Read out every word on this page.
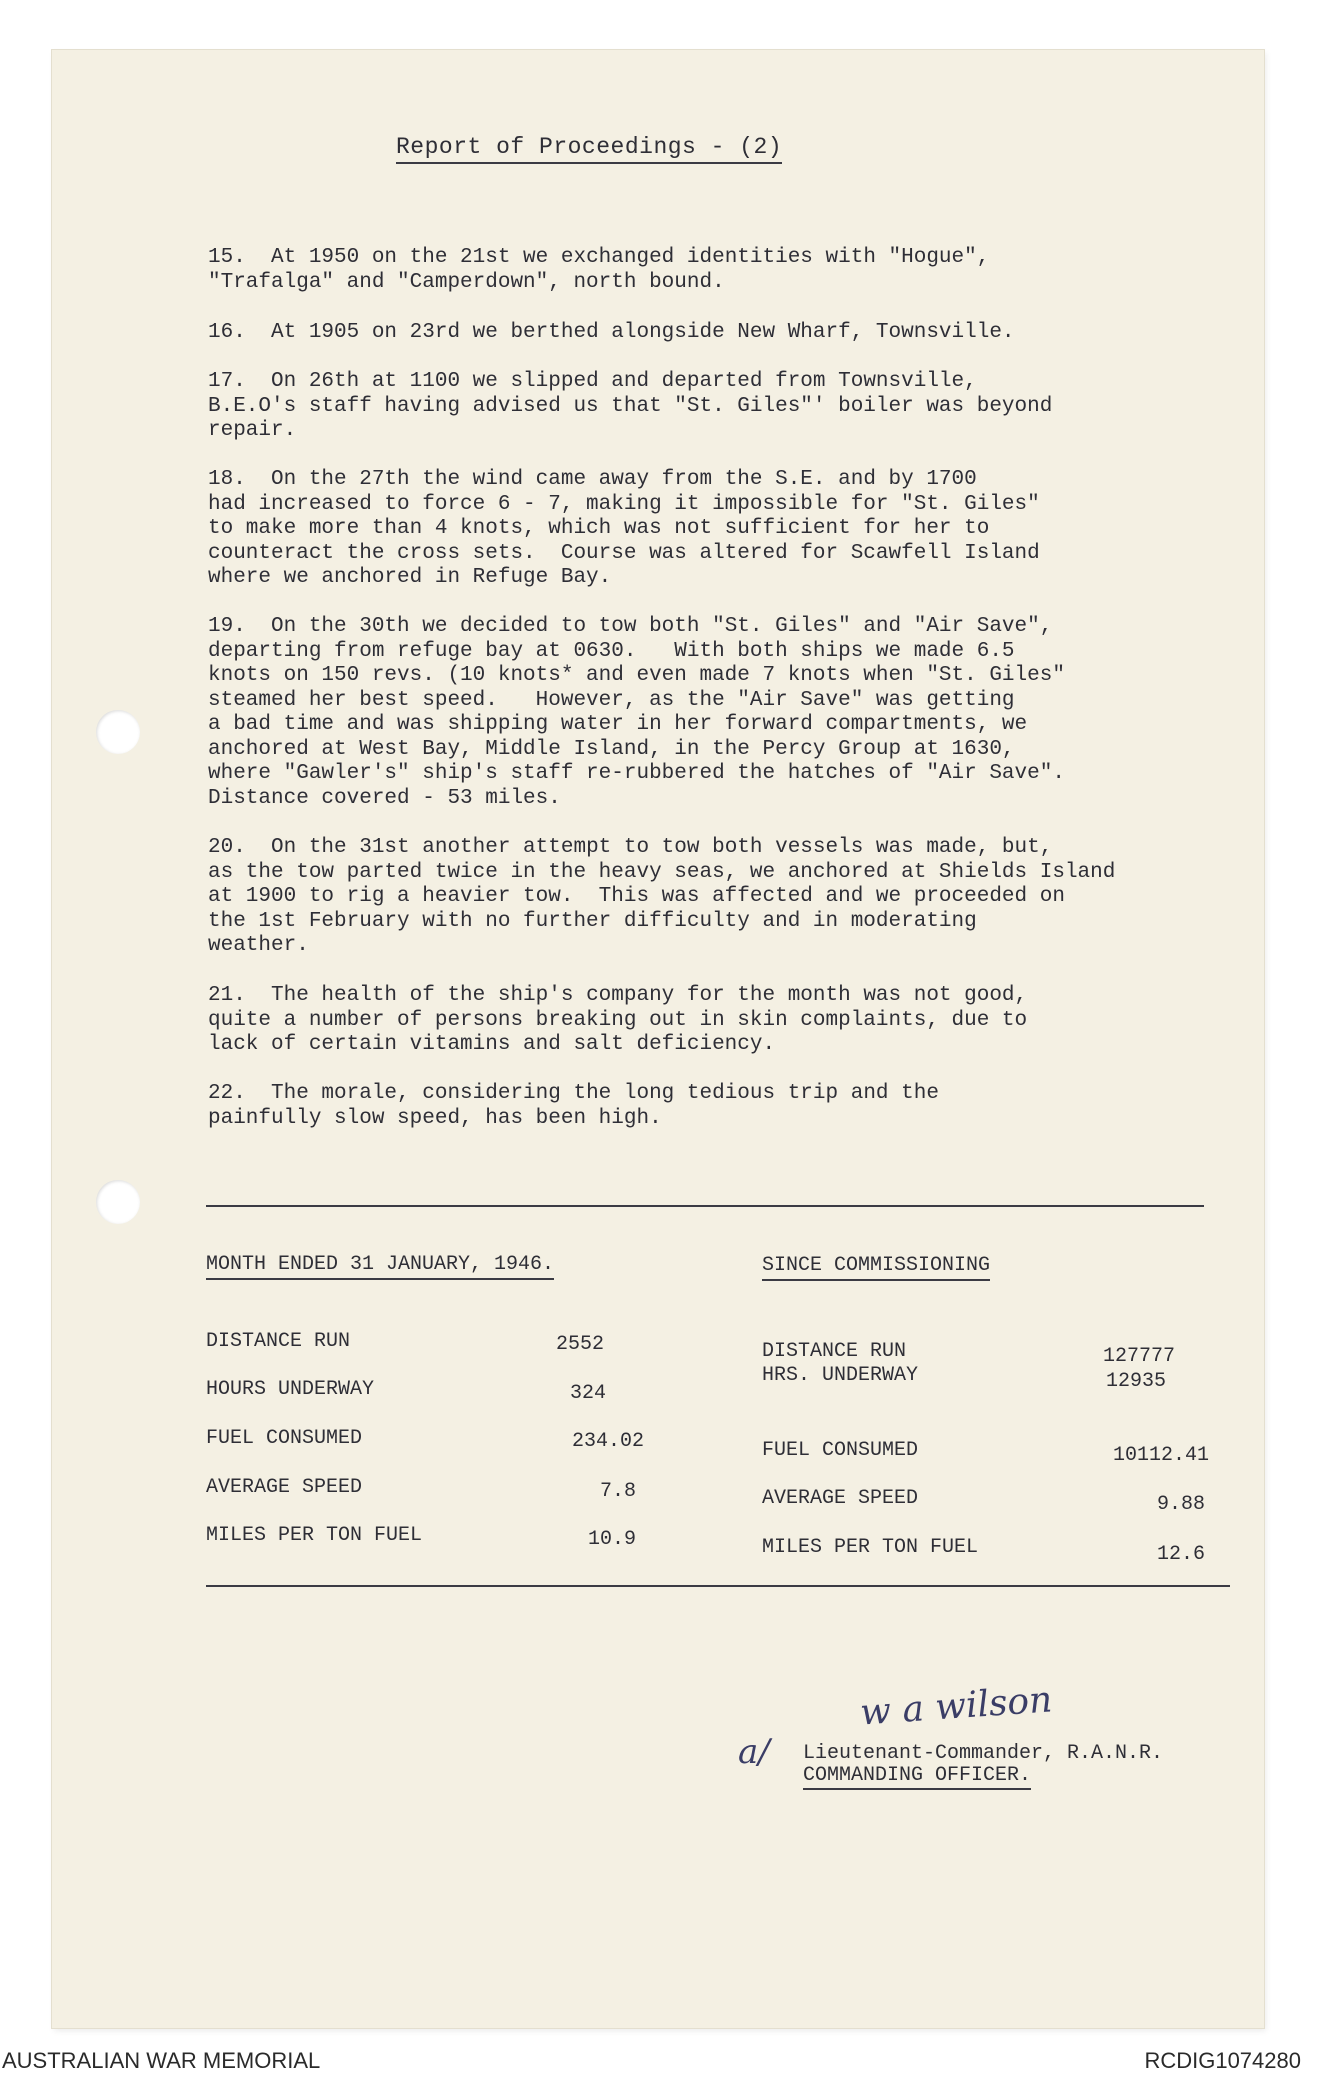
Report of Proceedings - (2)
15.  At 1950 on the 21st we exchanged identities with "Hogue",
"Trafalga" and "Camperdown", north bound.
16.  At 1905 on 23rd we berthed alongside New Wharf, Townsville.
17.  On 26th at 1100 we slipped and departed from Townsville,
B.E.O's staff having advised us that "St. Giles"' boiler was beyond
repair.
18.  On the 27th the wind came away from the S.E. and by 1700
had increased to force 6 - 7, making it impossible for "St. Giles"
to make more than 4 knots, which was not sufficient for her to
counteract the cross sets.  Course was altered for Scawfell Island
where we anchored in Refuge Bay.
19.  On the 30th we decided to tow both "St. Giles" and "Air Save",
departing from refuge bay at 0630.   With both ships we made 6.5
knots on 150 revs. (10 knots* and even made 7 knots when "St. Giles"
steamed her best speed.   However, as the "Air Save" was getting
a bad time and was shipping water in her forward compartments, we
anchored at West Bay, Middle Island, in the Percy Group at 1630,
where "Gawler's" ship's staff re-rubbered the hatches of "Air Save".
Distance covered - 53 miles.
20.  On the 31st another attempt to tow both vessels was made, but,
as the tow parted twice in the heavy seas, we anchored at Shields Island
at 1900 to rig a heavier tow.  This was affected and we proceeded on
the 1st February with no further difficulty and in moderating
weather.
21.  The health of the ship's company for the month was not good,
quite a number of persons breaking out in skin complaints, due to
lack of certain vitamins and salt deficiency.
22.  The morale, considering the long tedious trip and the
painfully slow speed, has been high.
MONTH ENDED 31 JANUARY, 1946.	SINCE COMMISSIONING
DISTANCE RUN	2552
HOURS UNDERWAY	324
FUEL CONSUMED	234.02
AVERAGE SPEED	7.8
MILES PER TON FUEL	10.9
DISTANCE RUN	127777
HRS. UNDERWAY	12935
FUEL CONSUMED	10112.41
AVERAGE SPEED	9.88
MILES PER TON FUEL	12.6
w a wilson
a/ Lieutenant-Commander, R.A.N.R.
COMMANDING OFFICER.
AUSTRALIAN WAR MEMORIAL	RCDIG1074280
